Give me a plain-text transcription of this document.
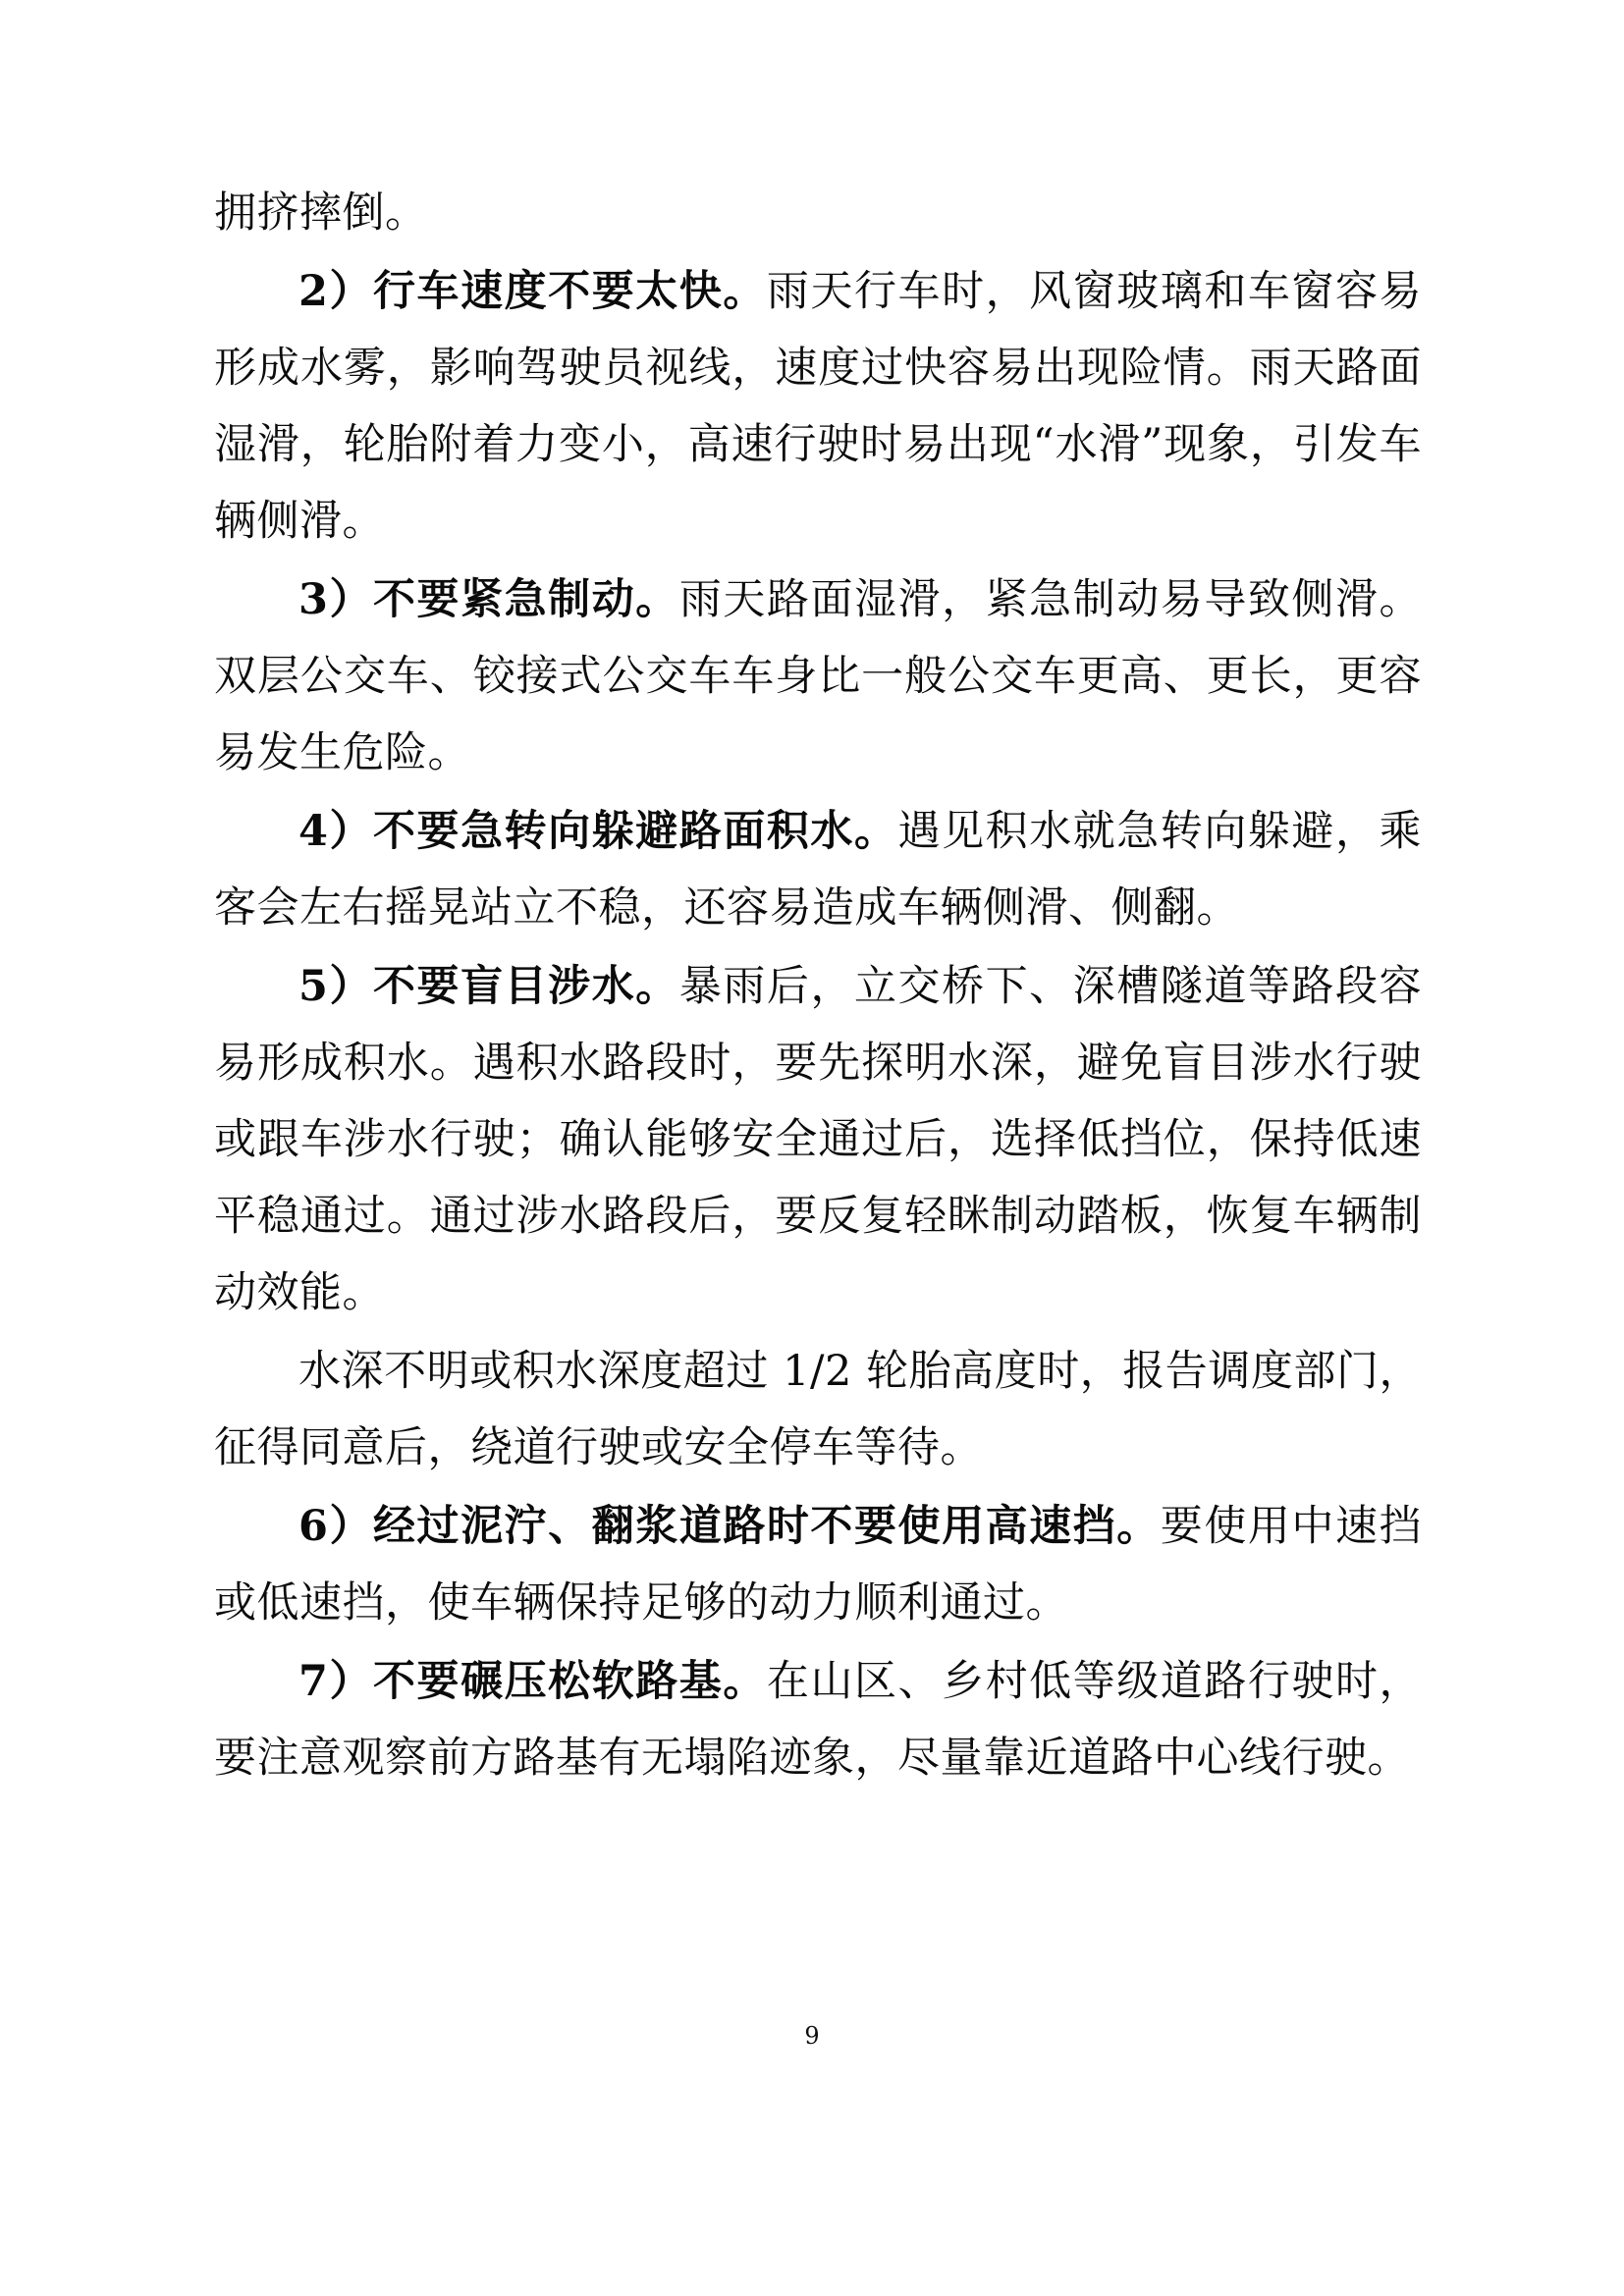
拥挤摔倒。

2）行车速度不要太快。雨天行车时，风窗玻璃和车窗容易形成水雾，影响驾驶员视线，速度过快容易出现险情。雨天路面湿滑，轮胎附着力变小，高速行驶时易出现“水滑”现象，引发车辆侧滑。

3）不要紧急制动。雨天路面湿滑，紧急制动易导致侧滑。双层公交车、铰接式公交车车身比一般公交车更高、更长，更容易发生危险。

4）不要急转向躲避路面积水。遇见积水就急转向躲避，乘客会左右摇晃站立不稳，还容易造成车辆侧滑、侧翻。

5）不要盲目涉水。暴雨后，立交桥下、深槽隧道等路段容易形成积水。遇积水路段时，要先探明水深，避免盲目涉水行驶或跟车涉水行驶；确认能够安全通过后，选择低挡位，保持低速平稳通过。通过涉水路段后，要反复轻眯制动踏板，恢复车辆制动效能。

水深不明或积水深度超过 1/2 轮胎高度时，报告调度部门，征得同意后，绕道行驶或安全停车等待。

6）经过泥泞、翻浆道路时不要使用高速挡。要使用中速挡或低速挡，使车辆保持足够的动力顺利通过。

7）不要碾压松软路基。在山区、乡村低等级道路行驶时，要注意观察前方路基有无塌陷迹象，尽量靠近道路中心线行驶。

9
